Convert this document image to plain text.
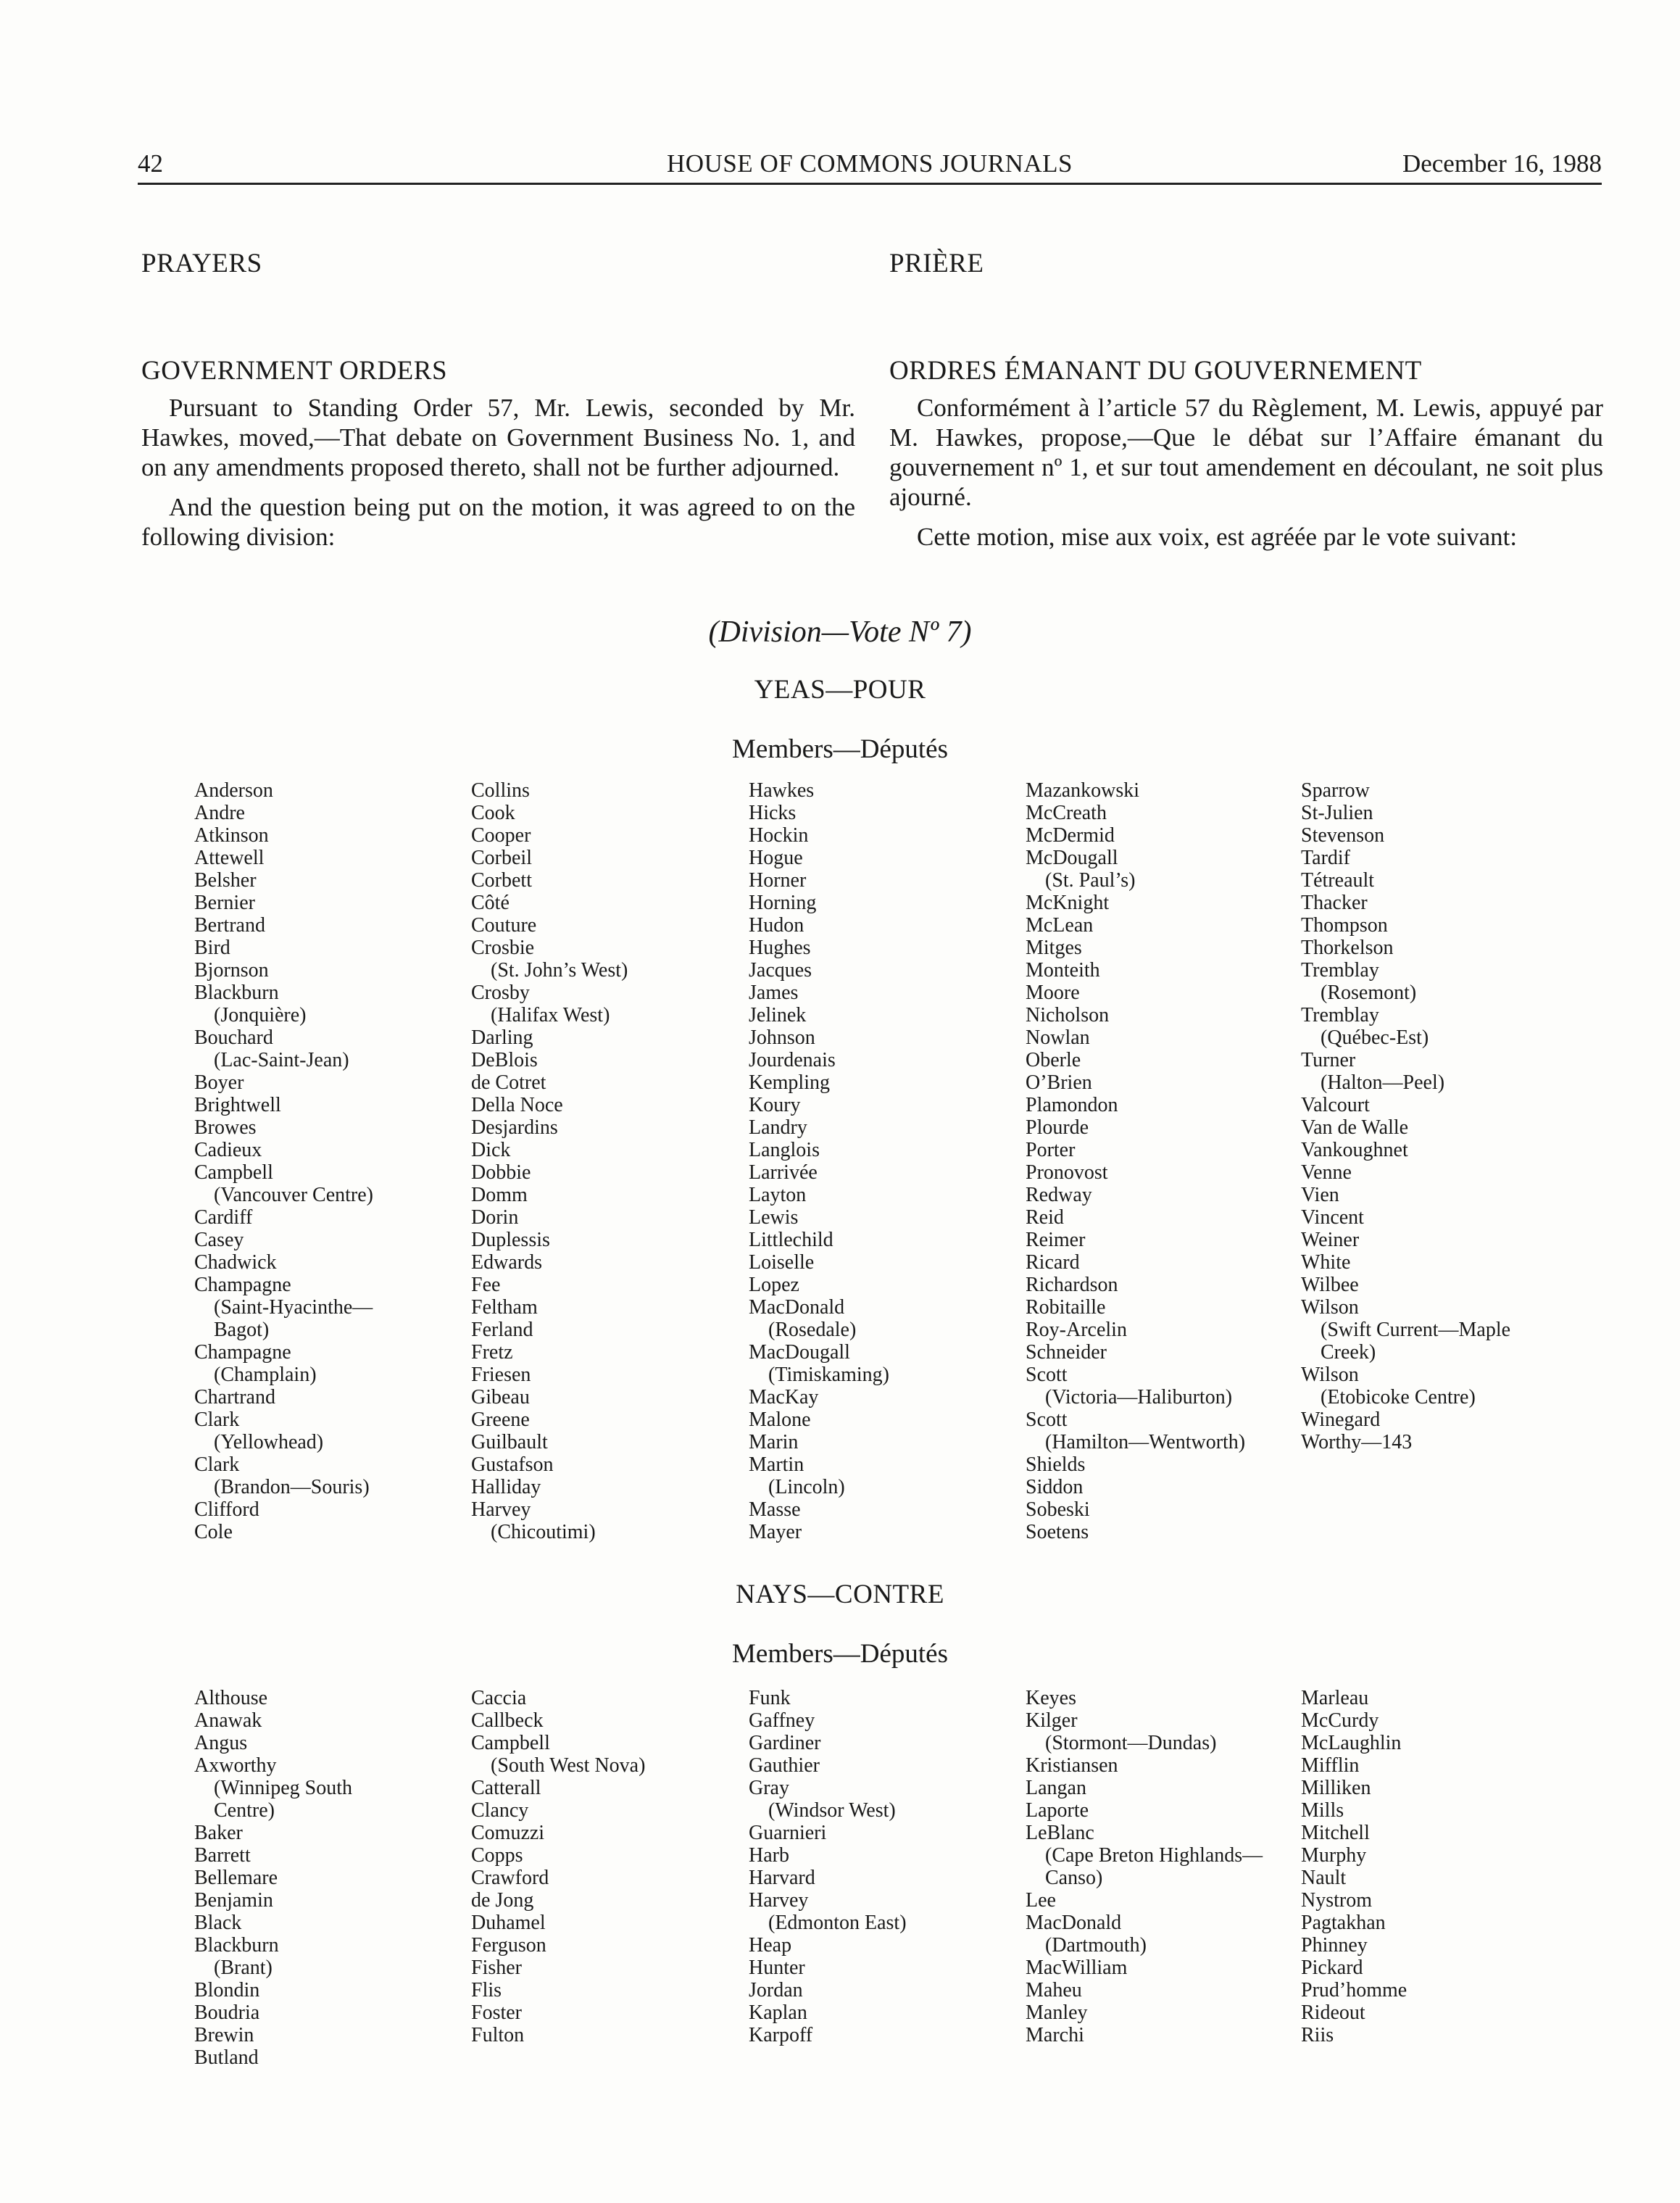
HOUSE OF COMMONS JOURNALS
42	December 16, 1988
PRAYERS	PRIÈRE
GOVERNMENT ORDERS	ORDRES ÉMANANT DU GOUVERNEMENT

Pursuant to Standing Order 57, Mr. Lewis, seconded by Mr. Hawkes, moved,—That debate on Government Business No. 1, and on any amendments proposed thereto, shall not be further adjourned.

And the question being put on the motion, it was agreed to on the following division:

Conformément à l’article 57 du Règlement, M. Lewis, appuyé par M. Hawkes, propose,—Que le débat sur l’Affaire émanant du gouvernement nº 1, et sur tout amendement en découlant, ne soit plus ajourné.

Cette motion, mise aux voix, est agréée par le vote suivant:

(Division—Vote Nº 7)
YEAS—POUR
Members—Députés
Anderson
Andre
Atkinson
Attewell
Belsher
Bernier
Bertrand
Bird
Bjornson
Blackburn
(Jonquière)
Bouchard
(Lac-Saint-Jean)
Boyer
Brightwell
Browes
Cadieux
Campbell
(Vancouver Centre)
Cardiff
Casey
Chadwick
Champagne
(Saint-Hyacinthe—
Bagot)
Champagne
(Champlain)
Chartrand
Clark
(Yellowhead)
Clark
(Brandon—Souris)
Clifford
Cole
Collins
Cook
Cooper
Corbeil
Corbett
Côté
Couture
Crosbie
(St. John’s West)
Crosby
(Halifax West)
Darling
DeBlois
de Cotret
Della Noce
Desjardins
Dick
Dobbie
Domm
Dorin
Duplessis
Edwards
Fee
Feltham
Ferland
Fretz
Friesen
Gibeau
Greene
Guilbault
Gustafson
Halliday
Harvey
(Chicoutimi)
Hawkes
Hicks
Hockin
Hogue
Horner
Horning
Hudon
Hughes
Jacques
James
Jelinek
Johnson
Jourdenais
Kempling
Koury
Landry
Langlois
Larrivée
Layton
Lewis
Littlechild
Loiselle
Lopez
MacDonald
(Rosedale)
MacDougall
(Timiskaming)
MacKay
Malone
Marin
Martin
(Lincoln)
Masse
Mayer
Mazankowski
McCreath
McDermid
McDougall
(St. Paul’s)
McKnight
McLean
Mitges
Monteith
Moore
Nicholson
Nowlan
Oberle
O’Brien
Plamondon
Plourde
Porter
Pronovost
Redway
Reid
Reimer
Ricard
Richardson
Robitaille
Roy-Arcelin
Schneider
Scott
(Victoria—Haliburton)
Scott
(Hamilton—Wentworth)
Shields
Siddon
Sobeski
Soetens
Sparrow
St-Julien
Stevenson
Tardif
Tétreault
Thacker
Thompson
Thorkelson
Tremblay
(Rosemont)
Tremblay
(Québec-Est)
Turner
(Halton—Peel)
Valcourt
Van de Walle
Vankoughnet
Venne
Vien
Vincent
Weiner
White
Wilbee
Wilson
(Swift Current—Maple
Creek)
Wilson
(Etobicoke Centre)
Winegard
Worthy—143
NAYS—CONTRE
Members—Députés
Althouse
Anawak
Angus
Axworthy
(Winnipeg South
Centre)
Baker
Barrett
Bellemare
Benjamin
Black
Blackburn
(Brant)
Blondin
Boudria
Brewin
Butland
Caccia
Callbeck
Campbell
(South West Nova)
Catterall
Clancy
Comuzzi
Copps
Crawford
de Jong
Duhamel
Ferguson
Fisher
Flis
Foster
Fulton
Funk
Gaffney
Gardiner
Gauthier
Gray
(Windsor West)
Guarnieri
Harb
Harvard
Harvey
(Edmonton East)
Heap
Hunter
Jordan
Kaplan
Karpoff
Keyes
Kilger
(Stormont—Dundas)
Kristiansen
Langan
Laporte
LeBlanc
(Cape Breton Highlands—
Canso)
Lee
MacDonald
(Dartmouth)
MacWilliam
Maheu
Manley
Marchi
Marleau
McCurdy
McLaughlin
Mifflin
Milliken
Mills
Mitchell
Murphy
Nault
Nystrom
Pagtakhan
Phinney
Pickard
Prud’homme
Rideout
Riis
